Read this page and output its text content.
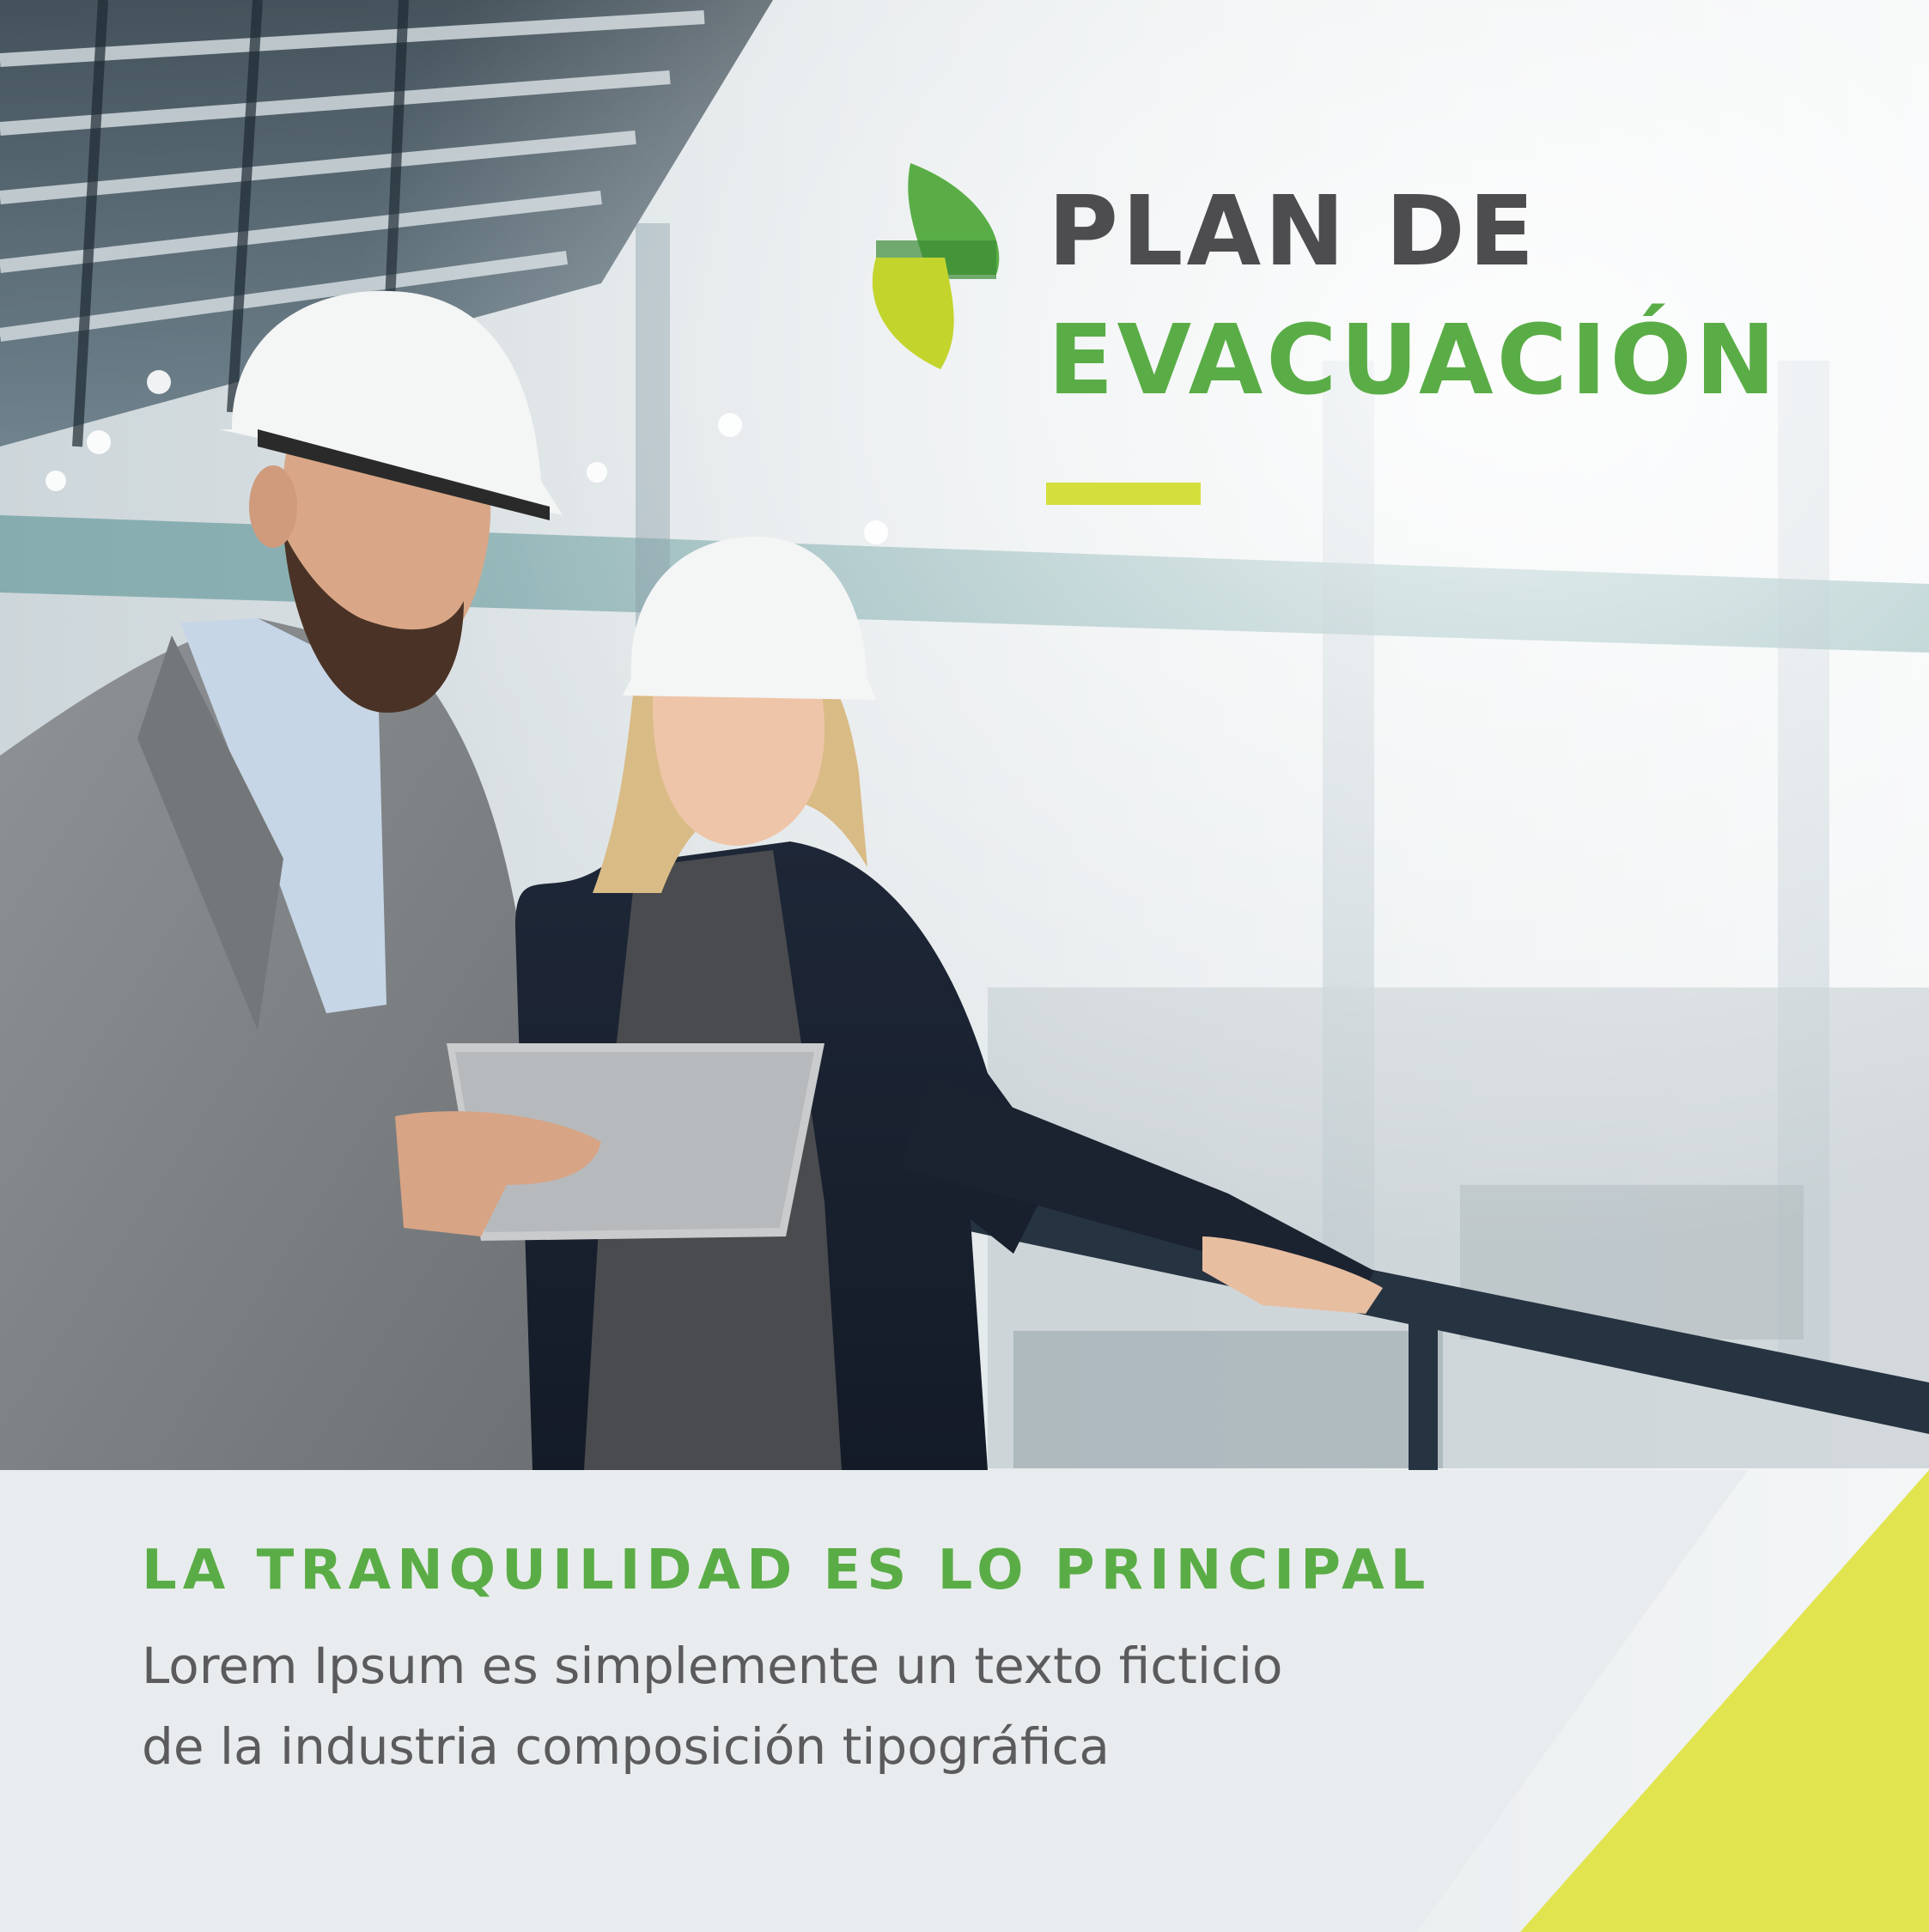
PLAN DE
EVACUACIÓN

LA TRANQUILIDAD ES LO PRINCIPAL

Lorem Ipsum es simplemente un texto ficticio

de la industria composición tipográfica
